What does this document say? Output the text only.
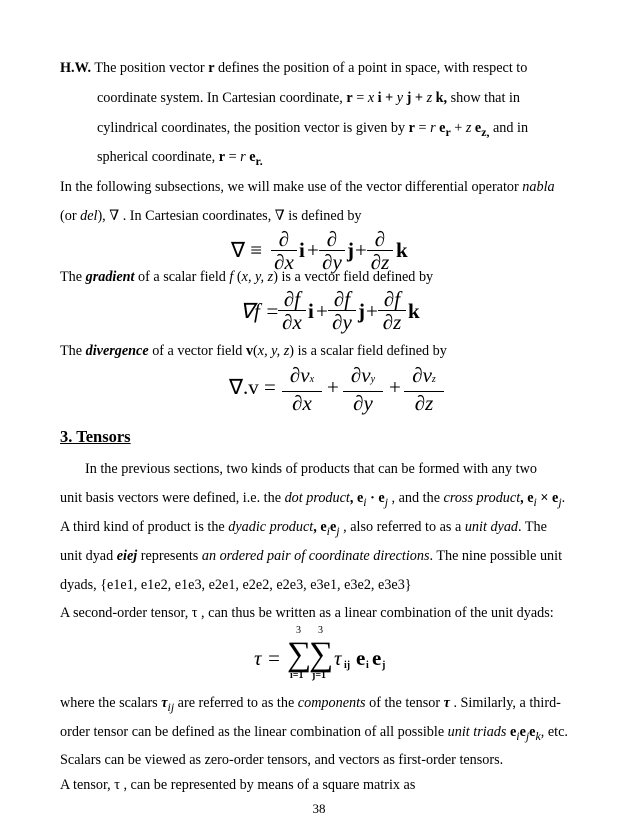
H.W. The position vector r defines the position of a point in space, with respect to
coordinate system. In Cartesian coordinate, r = x i + y j + z k, show that in
cylindrical coordinates, the position vector is given by r = r $e_r + z$ $e_{z,}$ and in
spherical coordinate, r = r $e_{r.}$
In the following subsections, we will make use of the vector differential operator nabla
(or del), ∇ . In Cartesian coordinates, ∇ is defined by
∇ ≡ ∂
∂x i + ∂
∂y j + ∂
∂z k
The gradient of a scalar field f (x, y, z) is a vector field defined by
∇f = ∂f
∂x i + ∂f
∂y j + ∂f
∂z k
The divergence of a vector field v(x, y, z) is a scalar field defined by
∇.v = ∂vx
∂x
+ ∂vy
∂y
+ ∂vz
∂z
3. Tensors
In the previous sections, two kinds of products that can be formed with any two
unit basis vectors were defined, i.e. the dot product, $e_i \cdot e_j$ , and the cross product, $e_i \times e_j$.
A third kind of product is the dyadic product, $e_ie_j$ , also referred to as a unit dyad. The
unit dyad eiej represents an ordered pair of coordinate directions. The nine possible unit
dyads, {e1e1, e1e2, e1e3, e2e1, e2e2, e2e3, e3e1, e3e2, e3e3}
A second-order tensor, τ , can thus be written as a linear combination of the unit dyads:
τ =
3
∑
i=1
3
∑
j=1
τ ij e i e j
where the scalars $\tau_{ij}$ are referred to as the components of the tensor τ . Similarly, a third-
order tensor can be defined as the linear combination of all possible unit triads $e_ie_je_k$, etc.
Scalars can be viewed as zero-order tensors, and vectors as first-order tensors.
A tensor, τ , can be represented by means of a square matrix as
38
